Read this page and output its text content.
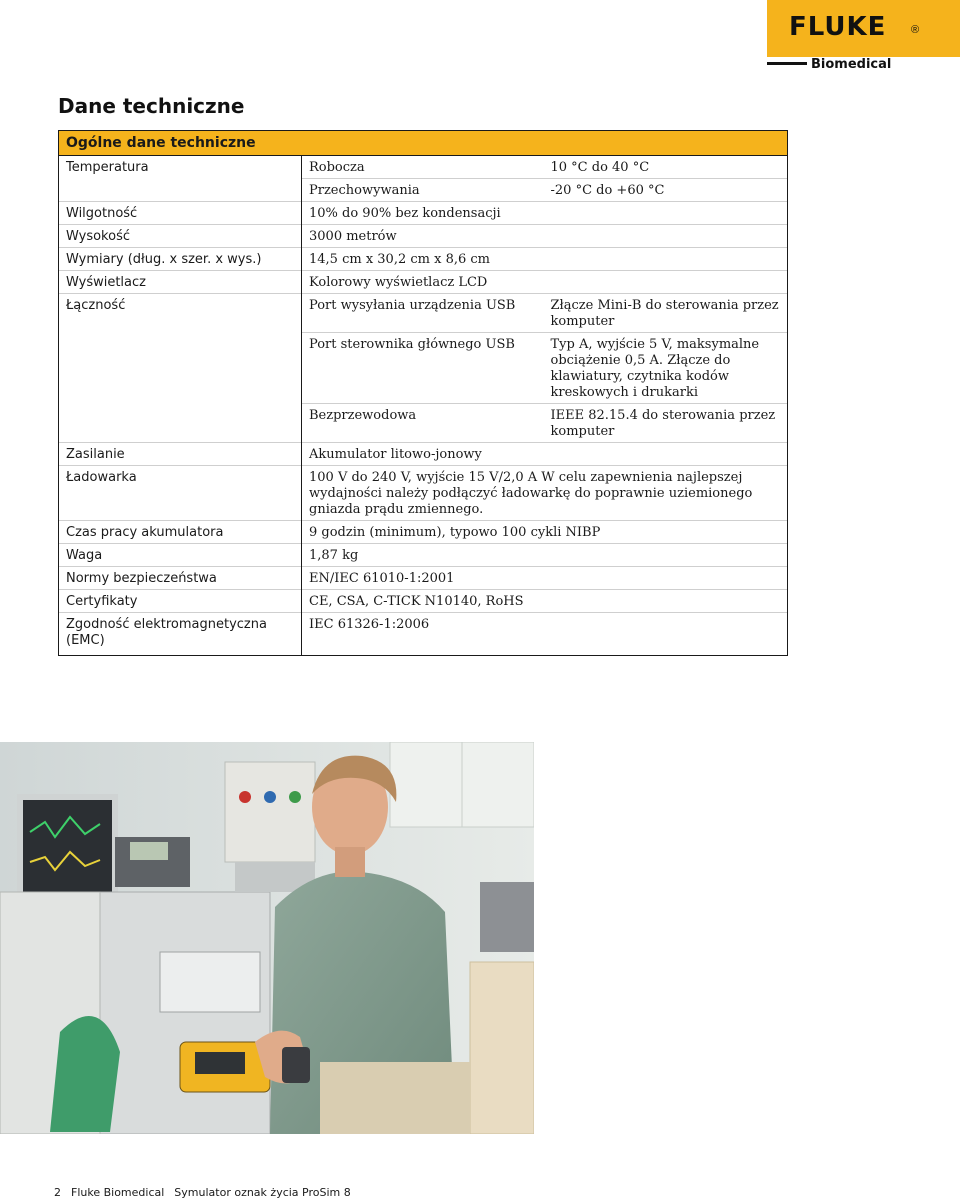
FLUKE ®
Biomedical
Dane techniczne
Ogólne dane techniczne		
Temperatura	Robocza	10 °C do 40 °C
	Przechowywania	-20 °C do +60 °C
Wilgotność	10% do 90% bez kondensacji	
Wysokość	3000 metrów	
Wymiary (dług. x szer. x wys.)	14,5 cm x 30,2 cm x 8,6 cm	
Wyświetlacz	Kolorowy wyświetlacz LCD	
Łączność	Port wysyłania urządzenia USB	Złącze Mini-B do sterowania przez komputer
	Port sterownika głównego USB	Typ A, wyjście 5 V, maksymalne obciążenie 0,5 A. Złącze do klawiatury, czytnika kodów kreskowych i drukarki
	Bezprzewodowa	IEEE 82.15.4 do sterowania przez komputer
Zasilanie	Akumulator litowo-jonowy	
Ładowarka	100 V do 240 V, wyjście 15 V/2,0 A W celu zapewnienia najlepszej wydajności należy podłączyć ładowarkę do poprawnie uziemionego gniazda prądu zmiennego.	
Czas pracy akumulatora	9 godzin (minimum), typowo 100 cykli NIBP	
Waga	1,87 kg	
Normy bezpieczeństwa	EN/IEC 61010-1:2001	
Certyfikaty	CE, CSA, C-TICK N10140, RoHS	
Zgodność elektromagnetyczna (EMC)	IEC 61326-1:2006	
2 Fluke Biomedical Symulator oznak życia ProSim 8
